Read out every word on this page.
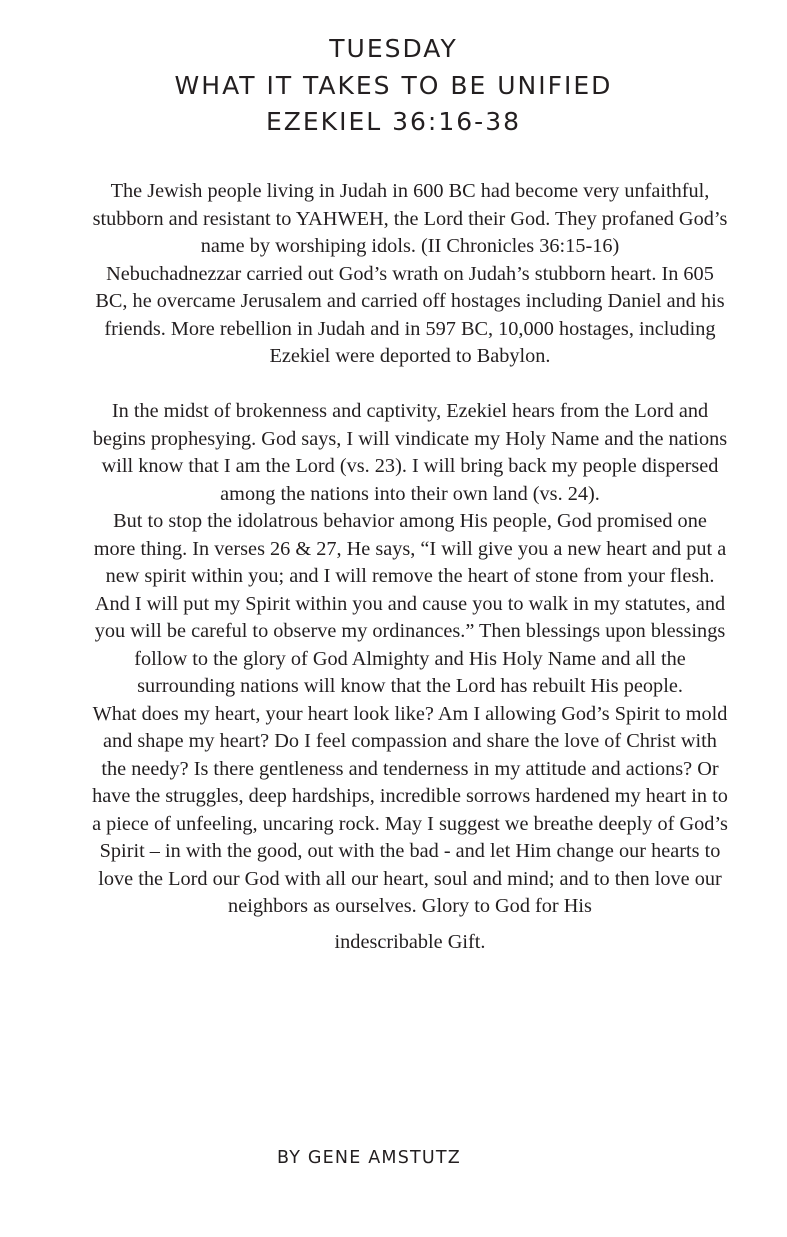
TUESDAY
WHAT IT TAKES TO BE UNIFIED
EZEKIEL 36:16-38

The Jewish people living in Judah in 600 BC had become very unfaithful, stubborn and resistant to YAHWEH, the Lord their God. They profaned God’s name by worshiping idols. (II Chronicles 36:15-16)

Nebuchadnezzar carried out God’s wrath on Judah’s stubborn heart. In 605 BC, he overcame Jerusalem and carried off hostages including Daniel and his friends. More rebellion in Judah and in 597 BC, 10,000 hostages, including Ezekiel were deported to Babylon.

In the midst of brokenness and captivity, Ezekiel hears from the Lord and begins prophesying. God says, I will vindicate my Holy Name and the nations will know that I am the Lord (vs. 23). I will bring back my people dispersed among the nations into their own land (vs. 24).

But to stop the idolatrous behavior among His people, God promised one more thing. In verses 26 & 27, He says, “I will give you a new heart and put a new spirit within you; and I will remove the heart of stone from your flesh. And I will put my Spirit within you and cause you to walk in my statutes, and you will be careful to observe my ordinances.” Then blessings upon blessings follow to the glory of God Almighty and His Holy Name and all the surrounding nations will know that the Lord has rebuilt His people.

What does my heart, your heart look like? Am I allowing God’s Spirit to mold and shape my heart? Do I feel compassion and share the love of Christ with the needy? Is there gentleness and tenderness in my attitude and actions? Or have the struggles, deep hardships, incredible sorrows hardened my heart in to a piece of unfeeling, uncaring rock. May I suggest we breathe deeply of God’s Spirit – in with the good, out with the bad - and let Him change our hearts to love the Lord our God with all our heart, soul and mind; and to then love our neighbors as ourselves. Glory to God for His
indescribable Gift.

BY GENE AMSTUTZ
